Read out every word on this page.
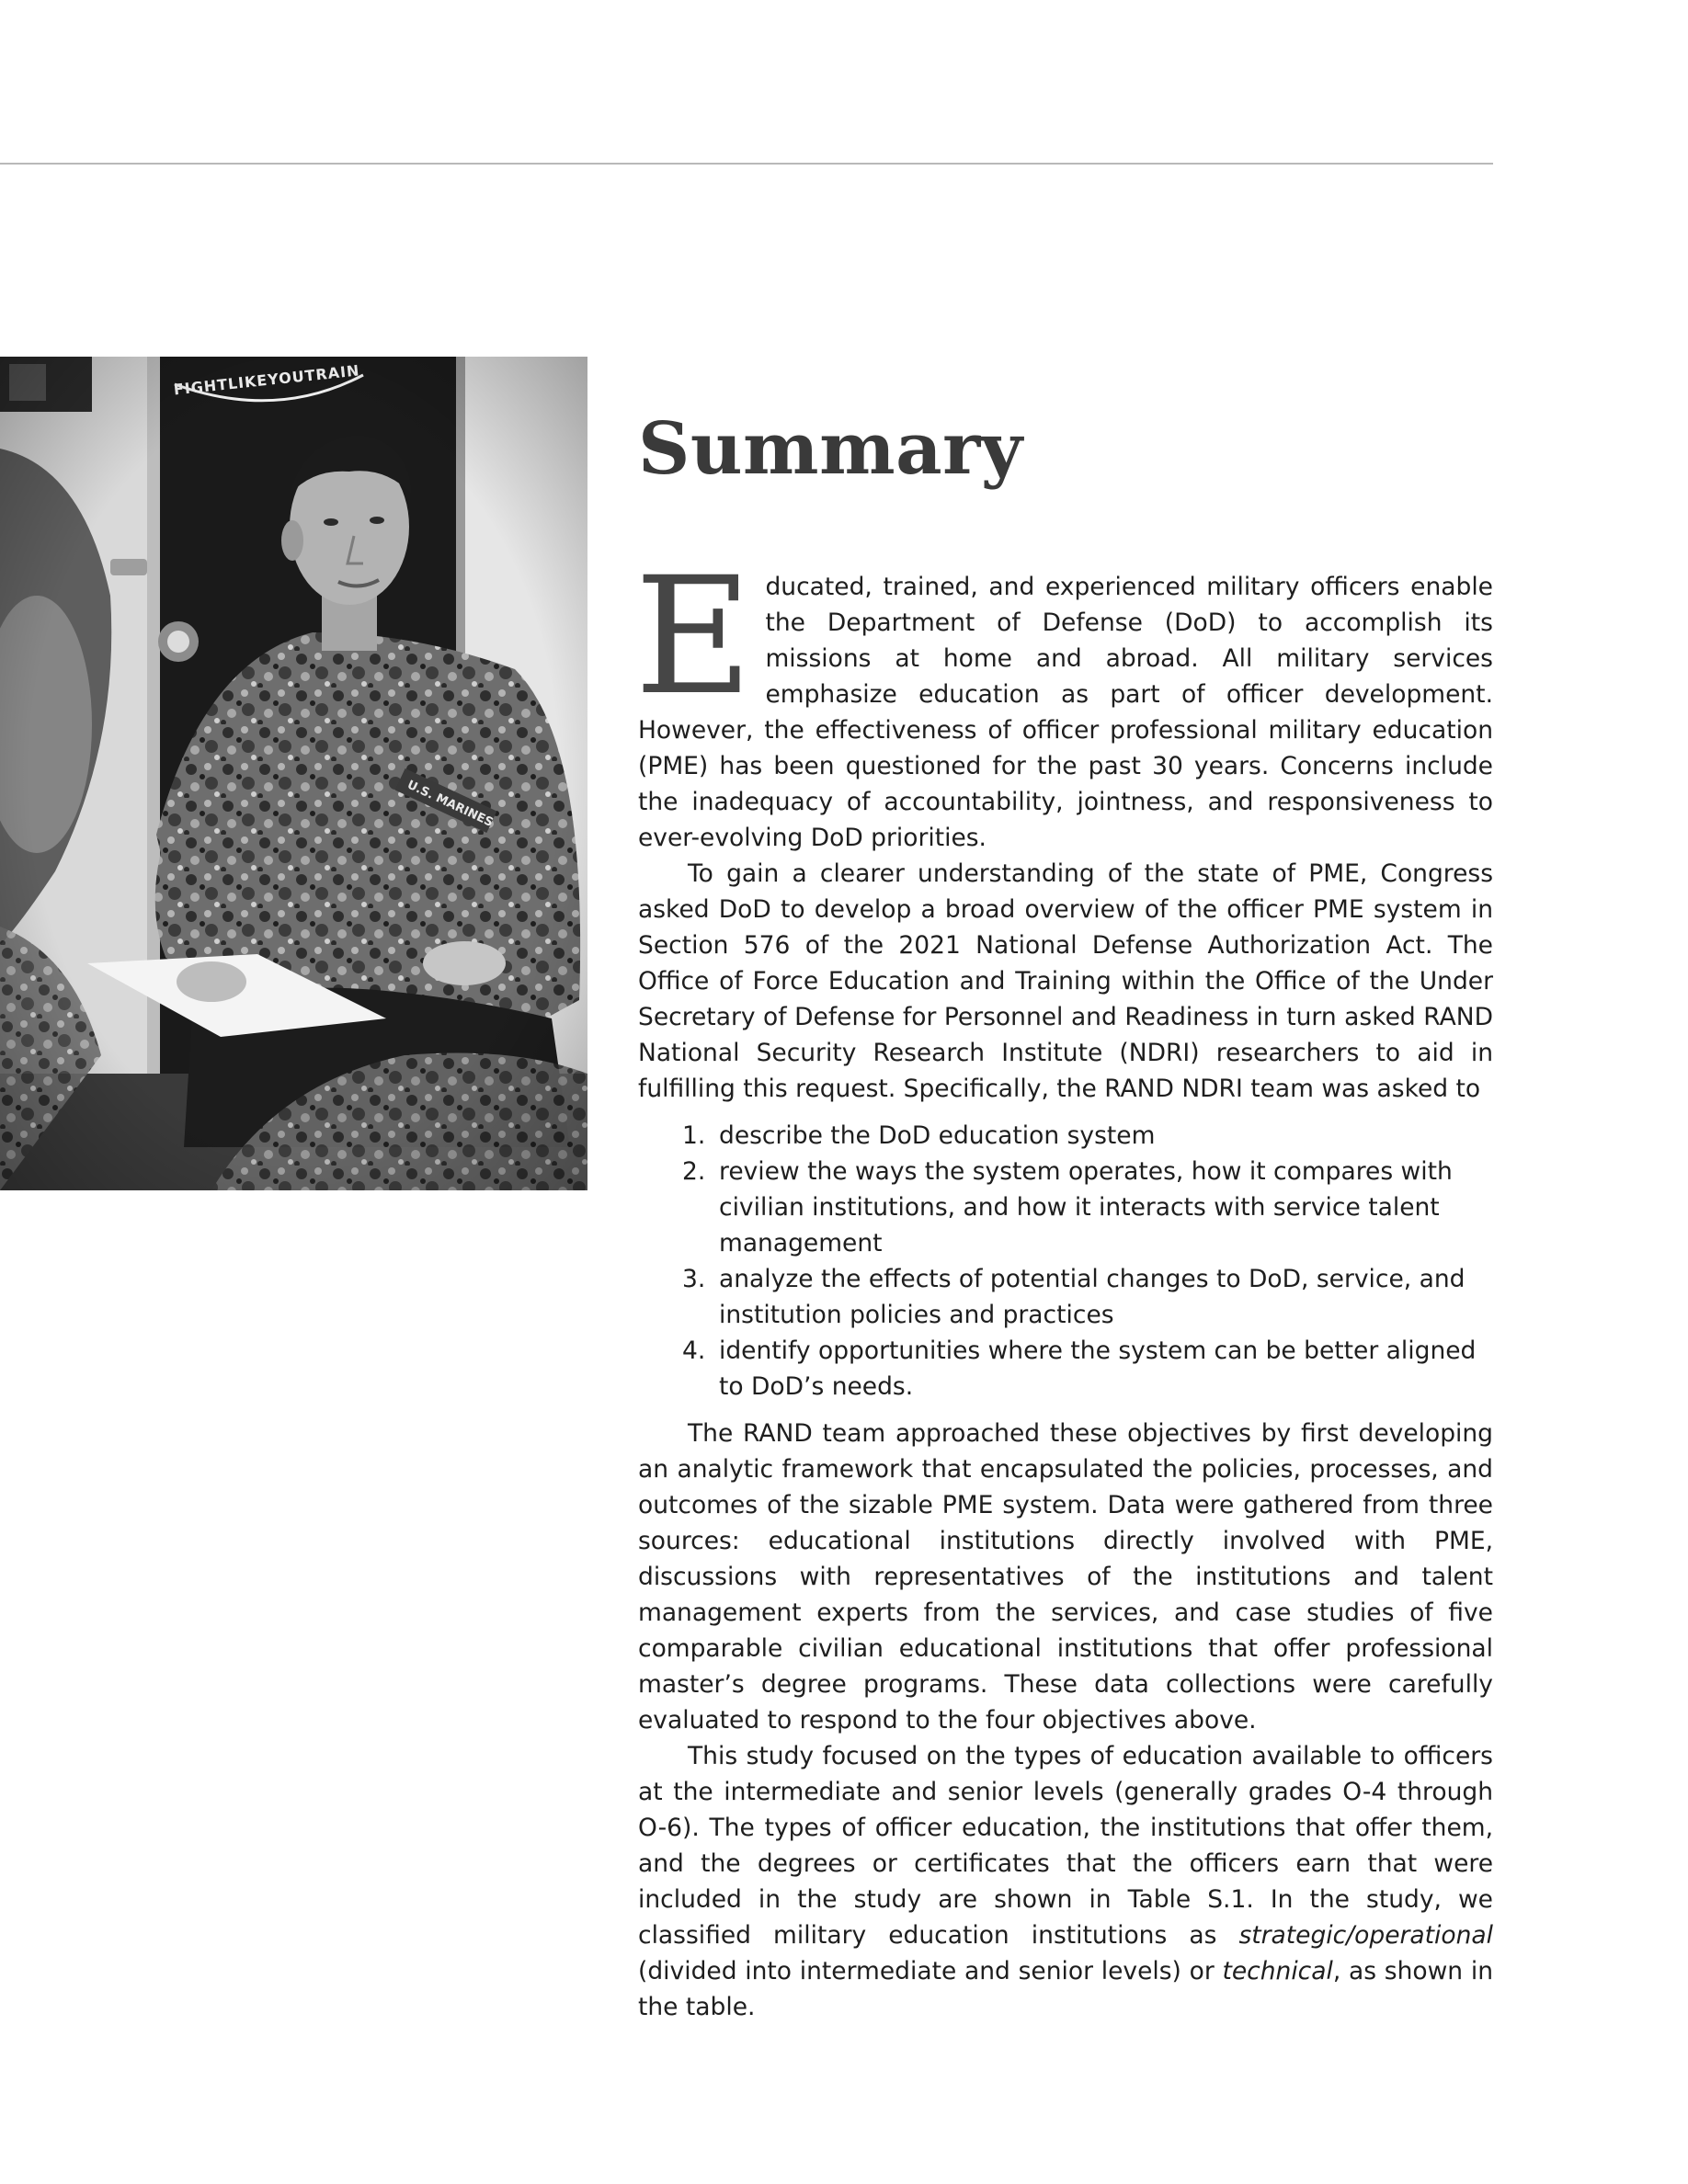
Summary

Educated, trained, and experienced military officers enable the Department of Defense (DoD) to accomplish its missions at home and abroad. All military services emphasize education as part of officer development. However, the effectiveness of officer professional military education (PME) has been questioned for the past 30 years. Concerns include the inadequacy of accountability, jointness, and responsiveness to ever-evolving DoD priorities.

To gain a clearer understanding of the state of PME, Congress asked DoD to develop a broad overview of the officer PME system in Section 576 of the 2021 National Defense Authorization Act. The Office of Force Education and Training within the Office of the Under Secretary of Defense for Personnel and Readiness in turn asked RAND National Security Research Institute (NDRI) researchers to aid in fulfilling this request. Specifically, the RAND NDRI team was asked to

1. describe the DoD education system
2. review the ways the system operates, how it compares with civilian institutions, and how it interacts with service talent management
3. analyze the effects of potential changes to DoD, service, and institution policies and practices
4. identify opportunities where the system can be better aligned to DoD’s needs.

The RAND team approached these objectives by first developing an analytic framework that encapsulated the policies, processes, and outcomes of the sizable PME system. Data were gathered from three sources: educational institutions directly involved with PME, discussions with representatives of the institutions and talent management experts from the services, and case studies of five comparable civilian educational institutions that offer professional master’s degree programs. These data collections were carefully evaluated to respond to the four objectives above.

This study focused on the types of education available to officers at the intermediate and senior levels (generally grades O-4 through O-6). The types of officer education, the institutions that offer them, and the degrees or certificates that the officers earn that were included in the study are shown in Table S.1. In the study, we classified military education institutions as strategic/operational (divided into intermediate and senior levels) or technical, as shown in the table.
